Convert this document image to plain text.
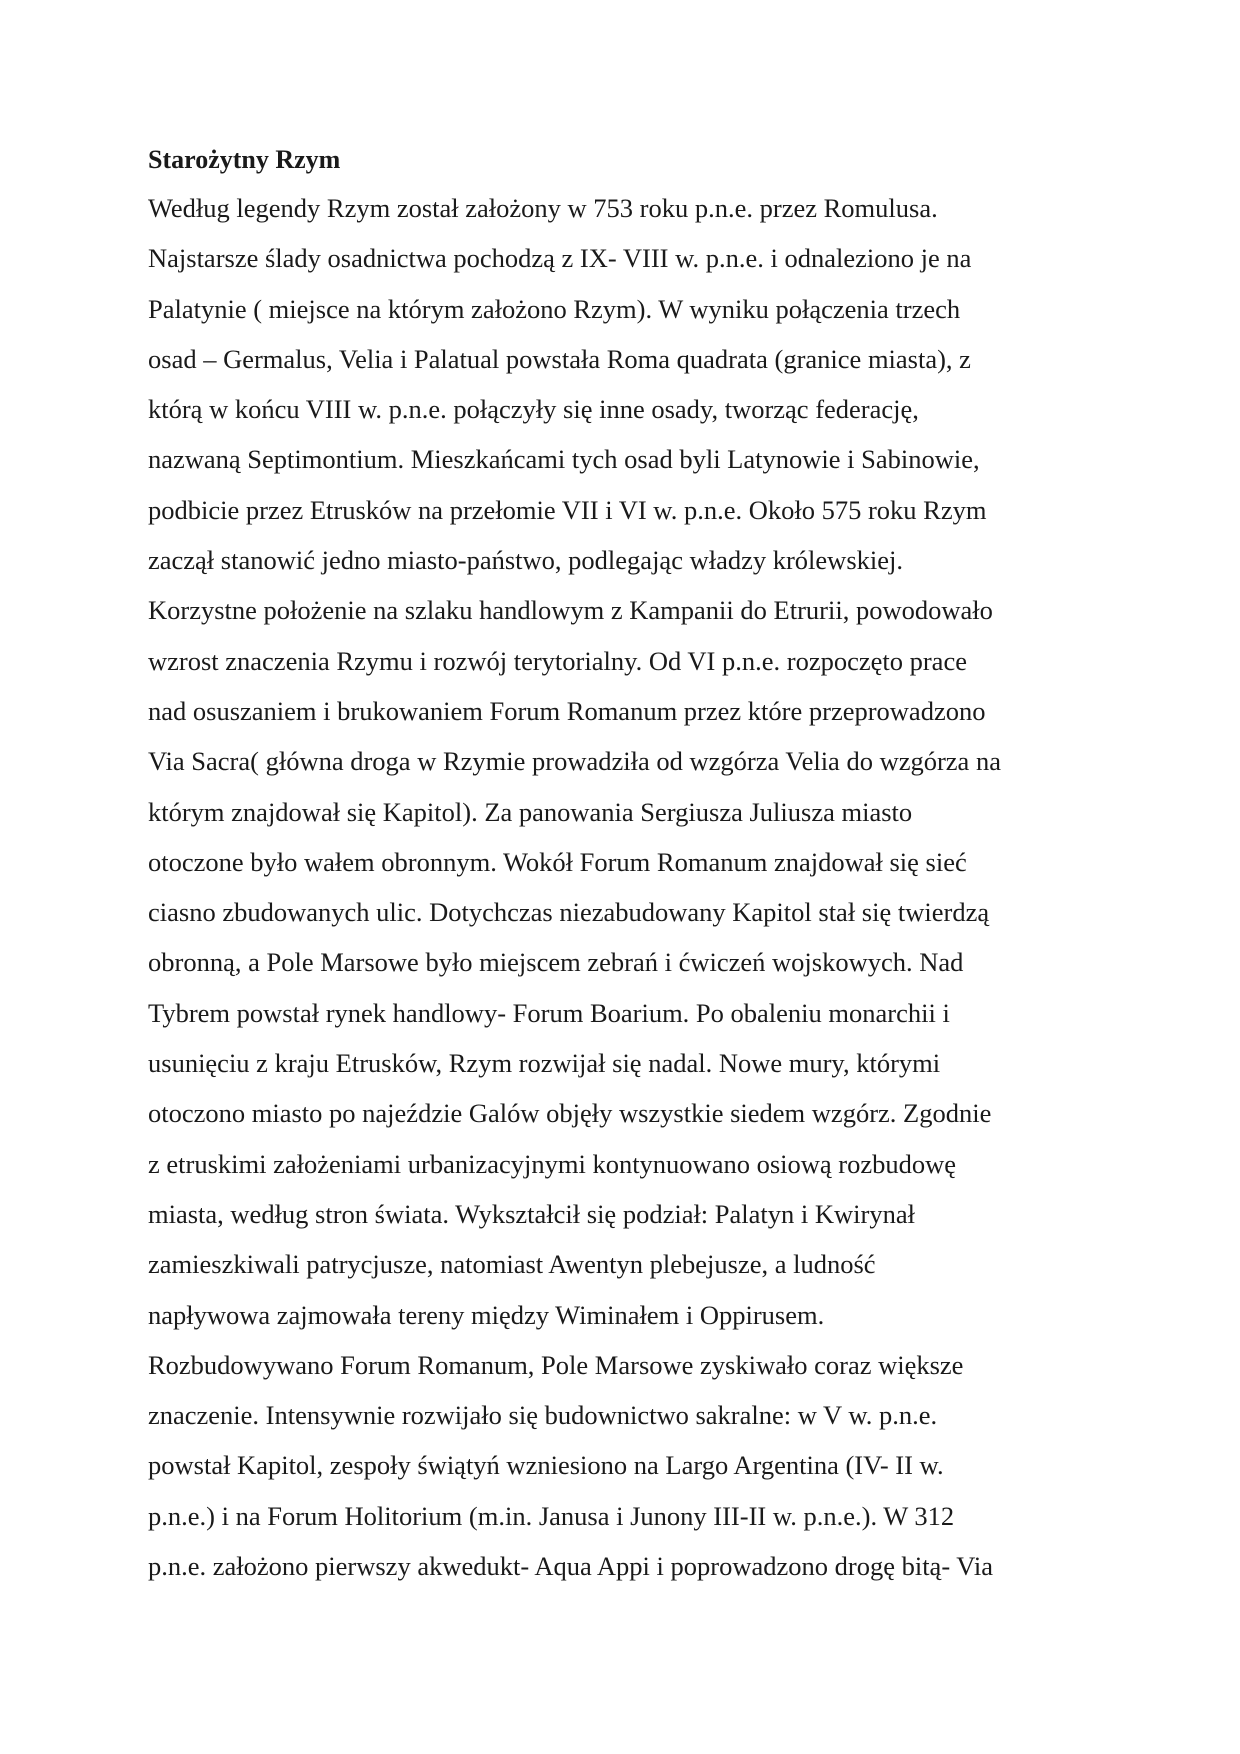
Starożytny Rzym
Według legendy Rzym został założony w 753 roku p.n.e. przez Romulusa.
Najstarsze ślady osadnictwa pochodzą z IX- VIII w. p.n.e. i odnaleziono je na
Palatynie ( miejsce na którym założono Rzym). W wyniku połączenia trzech
osad – Germalus, Velia i Palatual powstała Roma quadrata (granice miasta), z
którą w końcu VIII w. p.n.e. połączyły się inne osady, tworząc federację,
nazwaną Septimontium. Mieszkańcami tych osad byli Latynowie i Sabinowie,
podbicie przez Etrusków na przełomie VII i VI w. p.n.e. Około 575 roku Rzym
zaczął stanowić jedno miasto-państwo, podlegając władzy królewskiej.
Korzystne położenie na szlaku handlowym z Kampanii do Etrurii, powodowało
wzrost znaczenia Rzymu i rozwój terytorialny. Od VI p.n.e. rozpoczęto prace
nad osuszaniem i brukowaniem Forum Romanum przez które przeprowadzono
Via Sacra( główna droga w Rzymie prowadziła od wzgórza Velia do wzgórza na
którym znajdował się Kapitol). Za panowania Sergiusza Juliusza miasto
otoczone było wałem obronnym. Wokół Forum Romanum znajdował się sieć
ciasno zbudowanych ulic. Dotychczas niezabudowany Kapitol stał się twierdzą
obronną, a Pole Marsowe było miejscem zebrań i ćwiczeń wojskowych. Nad
Tybrem powstał rynek handlowy- Forum Boarium. Po obaleniu monarchii i
usunięciu z kraju Etrusków, Rzym rozwijał się nadal. Nowe mury, którymi
otoczono miasto po najeździe Galów objęły wszystkie siedem wzgórz. Zgodnie
z etruskimi założeniami urbanizacyjnymi kontynuowano osiową rozbudowę
miasta, według stron świata. Wykształcił się podział: Palatyn i Kwirynał
zamieszkiwali patrycjusze, natomiast Awentyn plebejusze, a ludność
napływowa zajmowała tereny między Wiminałem i Oppirusem.
Rozbudowywano Forum Romanum, Pole Marsowe zyskiwało coraz większe
znaczenie. Intensywnie rozwijało się budownictwo sakralne: w V w. p.n.e.
powstał Kapitol, zespoły świątyń wzniesiono na Largo Argentina (IV- II w.
p.n.e.) i na Forum Holitorium (m.in. Janusa i Junony III-II w. p.n.e.). W 312
p.n.e. założono pierwszy akwedukt- Aqua Appi i poprowadzono drogę bitą- Via
